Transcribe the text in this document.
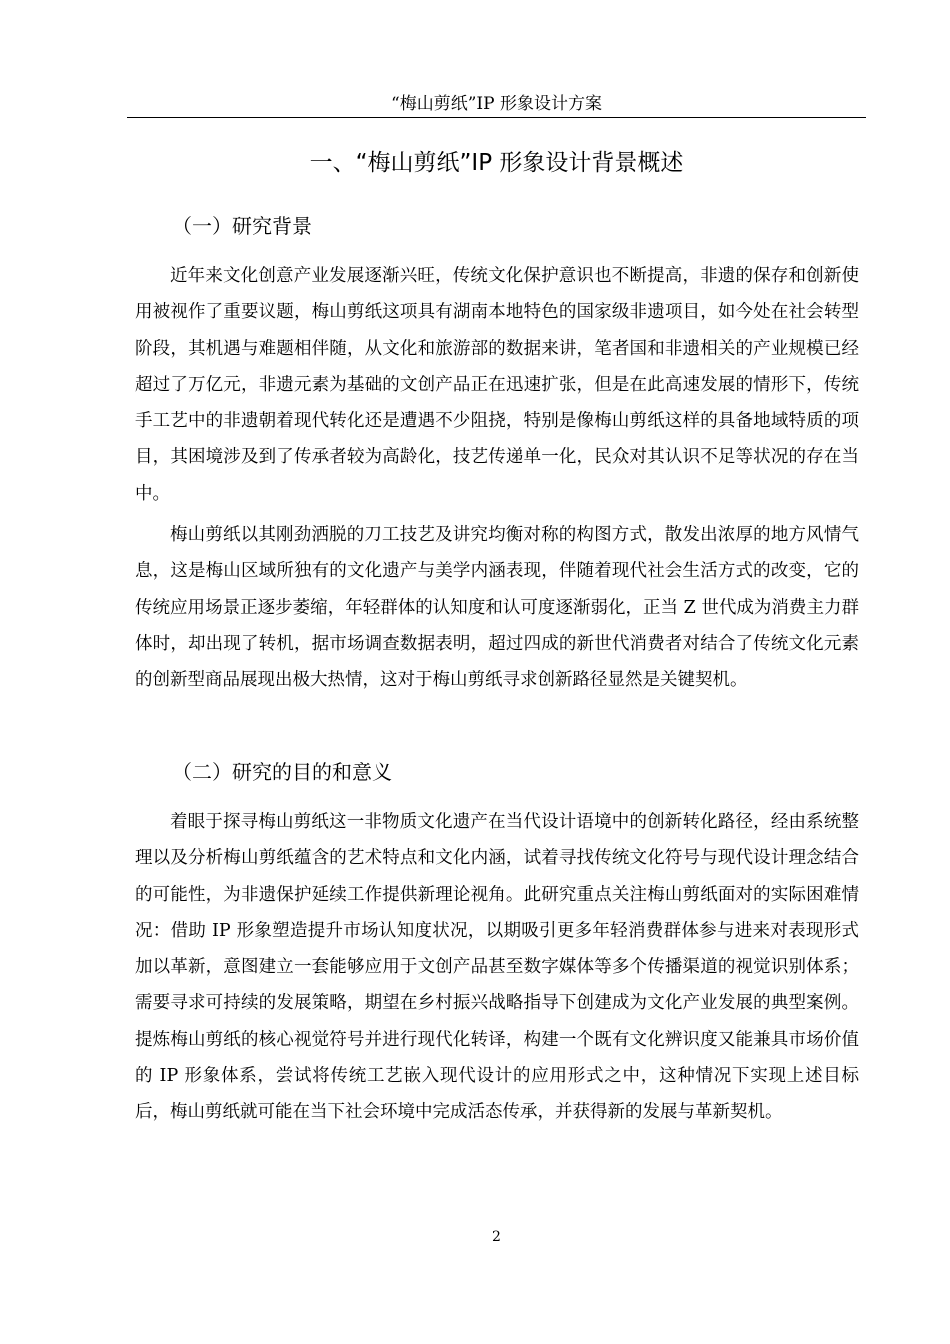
“梅山剪纸”IP 形象设计方案
一、“梅山剪纸”IP 形象设计背景概述
（一）研究背景

近年来文化创意产业发展逐渐兴旺，传统文化保护意识也不断提高，非遗的保存和创新使用被视作了重要议题，梅山剪纸这项具有湖南本地特色的国家级非遗项目，如今处在社会转型阶段，其机遇与难题相伴随，从文化和旅游部的数据来讲，笔者国和非遗相关的产业规模已经超过了万亿元，非遗元素为基础的文创产品正在迅速扩张，但是在此高速发展的情形下，传统手工艺中的非遗朝着现代转化还是遭遇不少阻挠，特别是像梅山剪纸这样的具备地域特质的项目，其困境涉及到了传承者较为高龄化，技艺传递单一化，民众对其认识不足等状况的存在当中。

梅山剪纸以其刚劲洒脱的刀工技艺及讲究均衡对称的构图方式，散发出浓厚的地方风情气息，这是梅山区域所独有的文化遗产与美学内涵表现，伴随着现代社会生活方式的改变，它的传统应用场景正逐步萎缩，年轻群体的认知度和认可度逐渐弱化，正当 Z 世代成为消费主力群体时，却出现了转机，据市场调查数据表明，超过四成的新世代消费者对结合了传统文化元素的创新型商品展现出极大热情，这对于梅山剪纸寻求创新路径显然是关键契机。

（二）研究的目的和意义

着眼于探寻梅山剪纸这一非物质文化遗产在当代设计语境中的创新转化路径，经由系统整理以及分析梅山剪纸蕴含的艺术特点和文化内涵，试着寻找传统文化符号与现代设计理念结合的可能性，为非遗保护延续工作提供新理论视角。此研究重点关注梅山剪纸面对的实际困难情况：借助 IP 形象塑造提升市场认知度状况，以期吸引更多年轻消费群体参与进来对表现形式加以革新，意图建立一套能够应用于文创产品甚至数字媒体等多个传播渠道的视觉识别体系；需要寻求可持续的发展策略，期望在乡村振兴战略指导下创建成为文化产业发展的典型案例。提炼梅山剪纸的核心视觉符号并进行现代化转译，构建一个既有文化辨识度又能兼具市场价值的 IP 形象体系，尝试将传统工艺嵌入现代设计的应用形式之中，这种情况下实现上述目标后，梅山剪纸就可能在当下社会环境中完成活态传承，并获得新的发展与革新契机。

2
